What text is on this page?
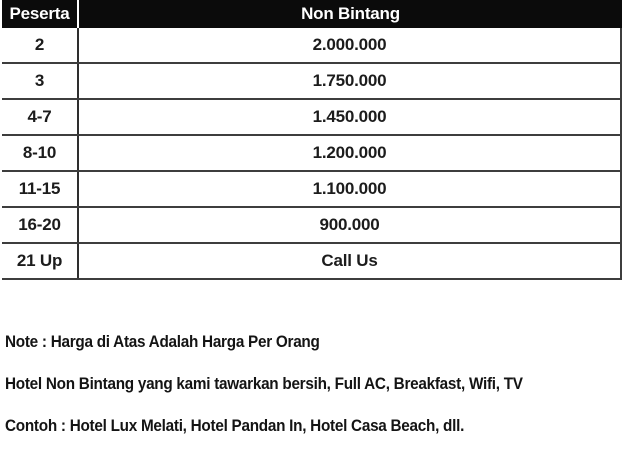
Peserta	Non Bintang
2	2.000.000
3	1.750.000
4-7	1.450.000
8-10	1.200.000
11-15	1.100.000
16-20	900.000
21 Up	Call Us

Note : Harga di Atas Adalah Harga Per Orang

Hotel Non Bintang yang kami tawarkan bersih, Full AC, Breakfast, Wifi, TV

Contoh : Hotel Lux Melati, Hotel Pandan In, Hotel Casa Beach, dll.
